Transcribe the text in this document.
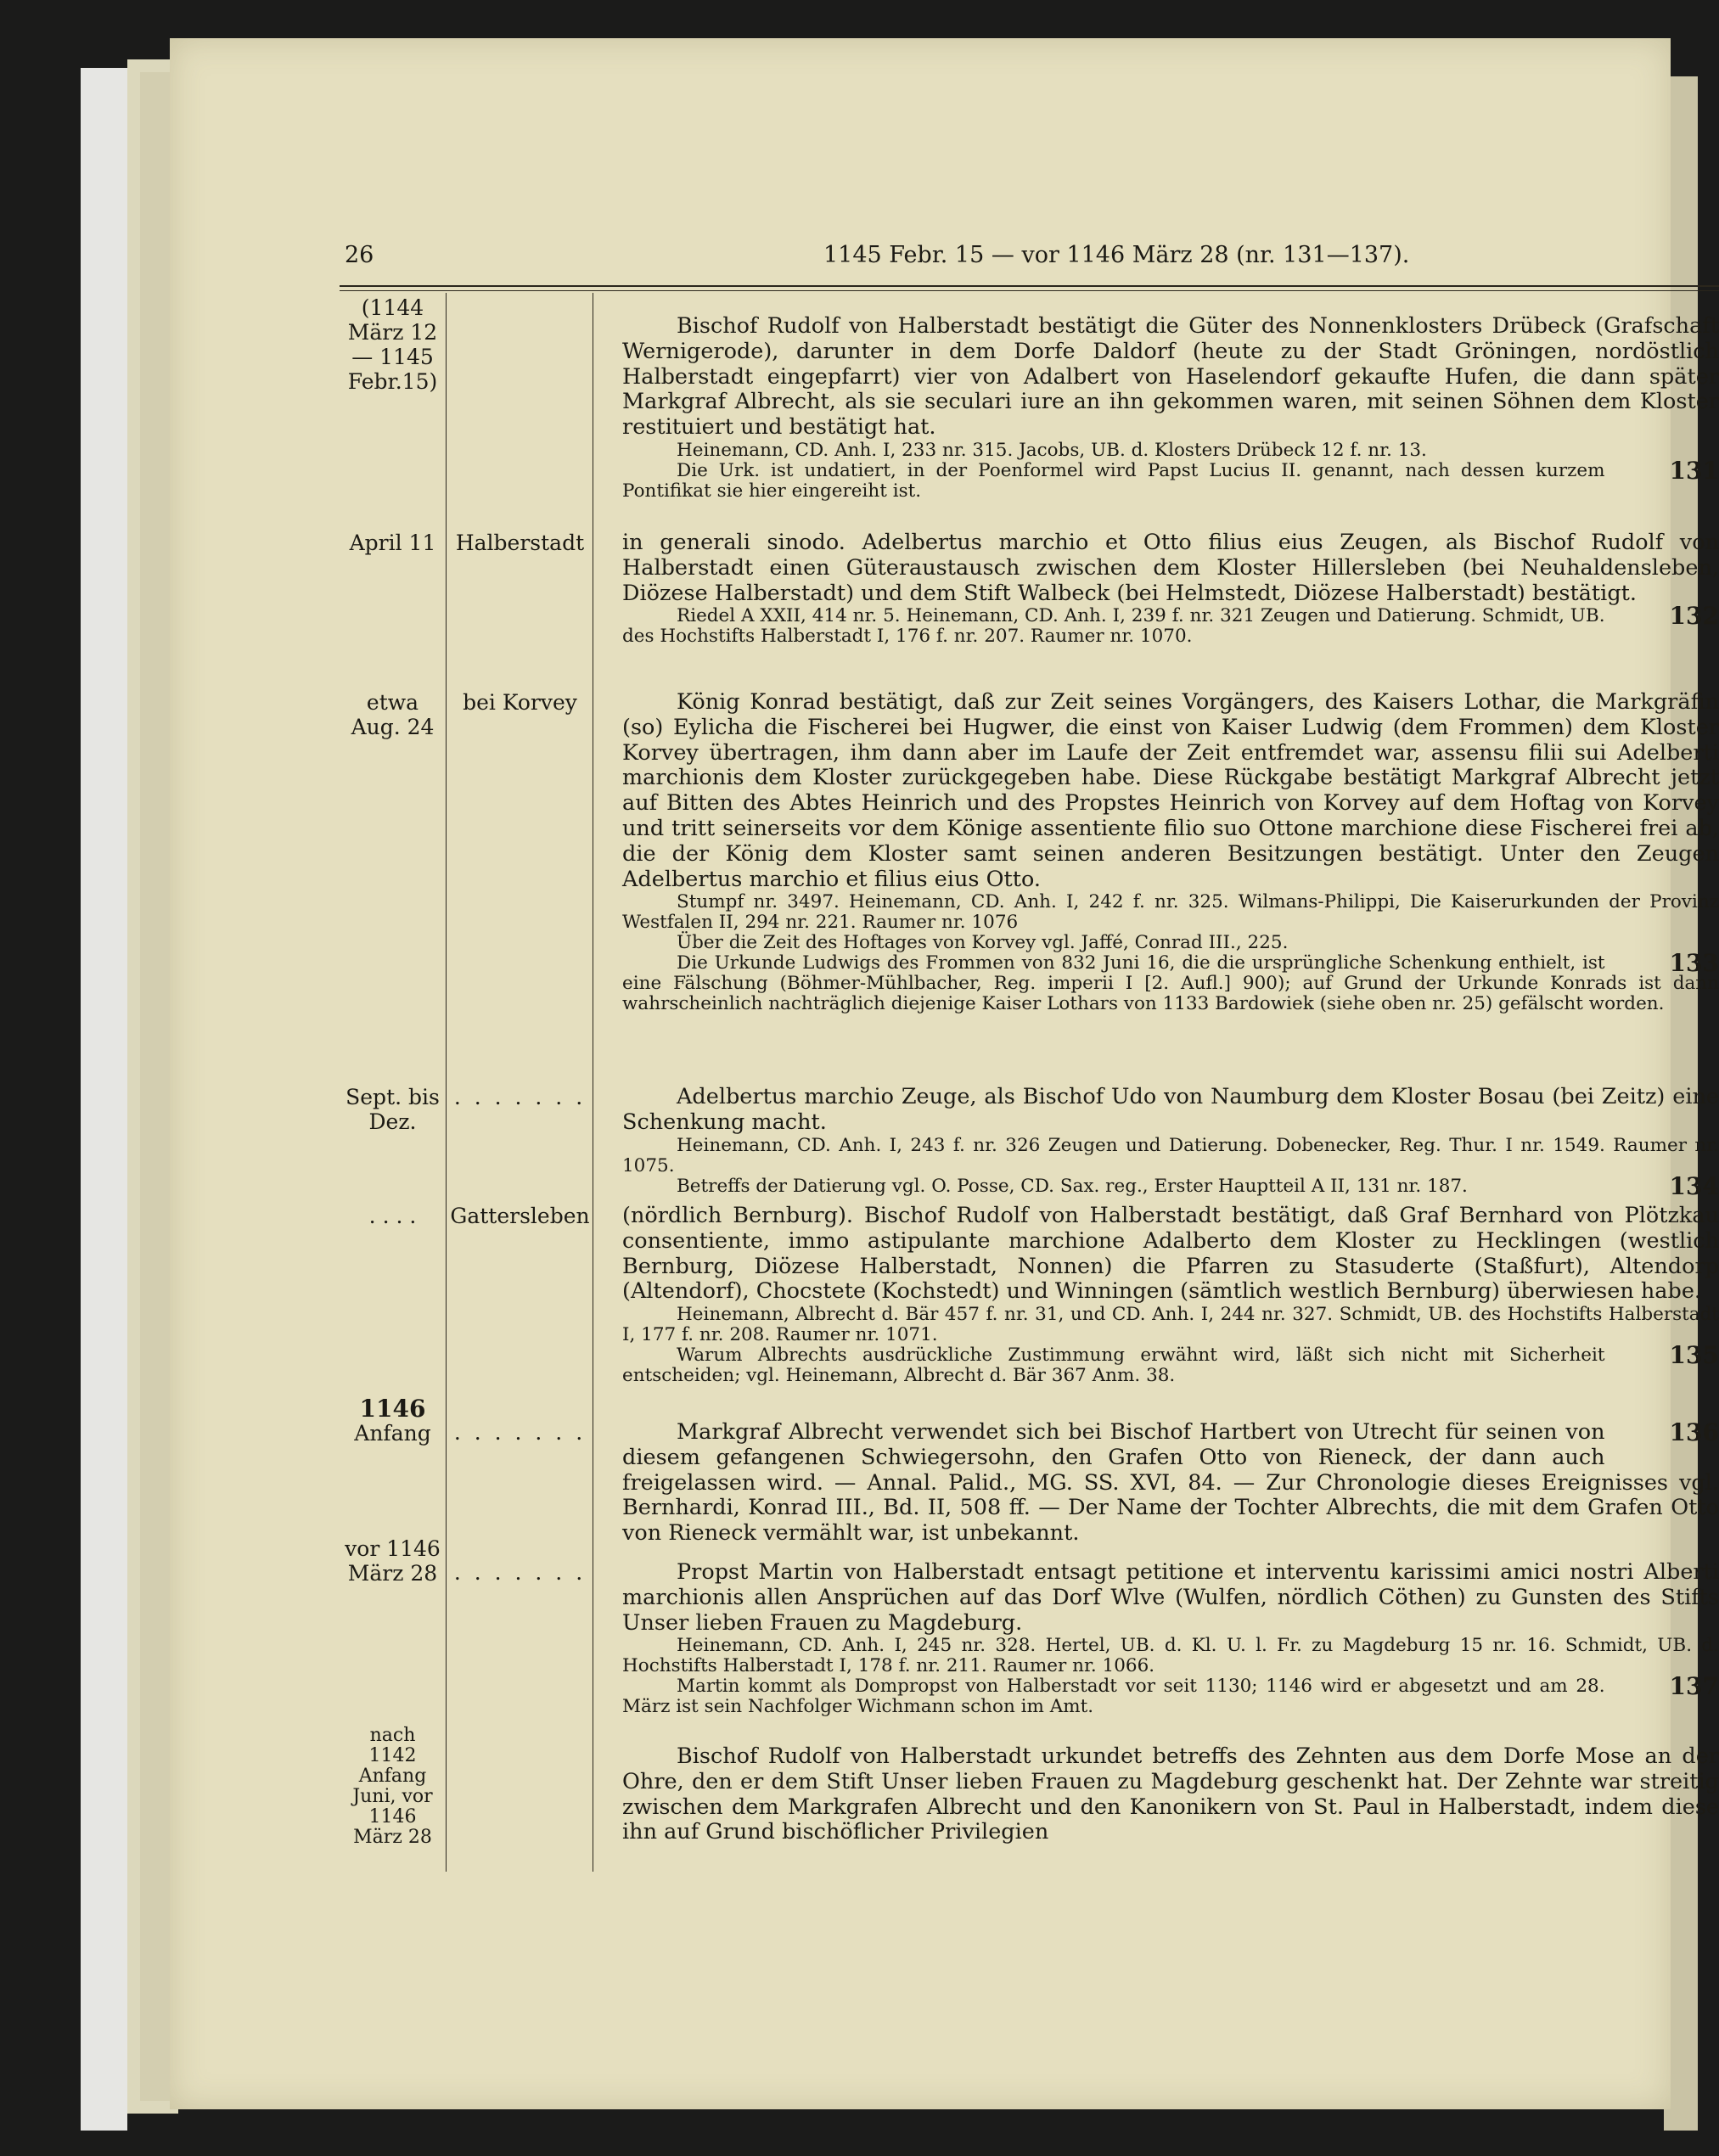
26	1145 Febr. 15 — vor 1146 März 28 (nr. 131—137).
(1144
März 12
— 1145
Febr.15)
April 11
etwa
Aug. 24
Sept. bis
Dez.
. . . .
1146
Anfang
vor 1146
März 28
nach 1142
Anfang
Juni, vor
1146
März 28
Halberstadt
bei Korvey
. . . . . . .
Gattersleben
. . . . . . .
. . . . . . .
Bischof Rudolf von Halberstadt bestätigt die Güter des Nonnenklosters Drübeck (Grafschaft Wernigerode), darunter in dem Dorfe Daldorf (heute zu der Stadt Gröningen, nordöstlich Halberstadt eingepfarrt) vier von Adalbert von Haselendorf gekaufte Hufen, die dann später Markgraf Albrecht, als sie seculari iure an ihn gekommen waren, mit seinen Söhnen dem Kloster restituiert und bestätigt hat.

Heinemann, CD. Anh. I, 233 nr. 315. Jacobs, UB. d. Klosters Drübeck 12 f. nr. 13.

131
Die Urk. ist undatiert, in der Poenformel wird Papst Lucius II. genannt, nach dessen kurzem Pontifikat sie hier eingereiht ist.

in generali sinodo. Adelbertus marchio et Otto filius eius Zeugen, als Bischof Rudolf von Halberstadt einen Güteraustausch zwischen dem Kloster Hillersleben (bei Neuhaldensleben, Diözese Halberstadt) und dem Stift Walbeck (bei Helmstedt, Diözese Halberstadt) bestätigt.

132
Riedel A XXII, 414 nr. 5. Heinemann, CD. Anh. I, 239 f. nr. 321 Zeugen und Datierung. Schmidt, UB. des Hochstifts Halberstadt I, 176 f. nr. 207. Raumer nr. 1070.

König Konrad bestätigt, daß zur Zeit seines Vorgängers, des Kaisers Lothar, die Markgräfin (so) Eylicha die Fischerei bei Hugwer, die einst von Kaiser Ludwig (dem Frommen) dem Kloster Korvey übertragen, ihm dann aber im Laufe der Zeit entfremdet war, assensu filii sui Adelberti marchionis dem Kloster zurückgegeben habe. Diese Rückgabe bestätigt Markgraf Albrecht jetzt auf Bitten des Abtes Heinrich und des Propstes Heinrich von Korvey auf dem Hoftag von Korvey und tritt seinerseits vor dem Könige assentiente filio suo Ottone marchione diese Fischerei frei ab, die der König dem Kloster samt seinen anderen Besitzungen bestätigt. Unter den Zeugen Adelbertus marchio et filius eius Otto.

Stumpf nr. 3497. Heinemann, CD. Anh. I, 242 f. nr. 325. Wilmans-Philippi, Die Kaiserurkunden der Provinz Westfalen II, 294 nr. 221. Raumer nr. 1076

Über die Zeit des Hoftages von Korvey vgl. Jaffé, Conrad III., 225.

133
Die Urkunde Ludwigs des Frommen von 832 Juni 16, die die ursprüngliche Schenkung enthielt, ist eine Fälschung (Böhmer-Mühlbacher, Reg. imperii I [2. Aufl.] 900); auf Grund der Urkunde Konrads ist dann wahrscheinlich nachträglich diejenige Kaiser Lothars von 1133 Bardowiek (siehe oben nr. 25) gefälscht worden.

Adelbertus marchio Zeuge, als Bischof Udo von Naumburg dem Kloster Bosau (bei Zeitz) eine Schenkung macht.

Heinemann, CD. Anh. I, 243 f. nr. 326 Zeugen und Datierung. Dobenecker, Reg. Thur. I nr. 1549. Raumer nr. 1075.

134
Betreffs der Datierung vgl. O. Posse, CD. Sax. reg., Erster Hauptteil A II, 131 nr. 187.

(nördlich Bernburg). Bischof Rudolf von Halberstadt bestätigt, daß Graf Bernhard von Plötzkau consentiente, immo astipulante marchione Adalberto dem Kloster zu Hecklingen (westlich Bernburg, Diözese Halberstadt, Nonnen) die Pfarren zu Stasuderte (Staßfurt), Altendorp (Altendorf), Chocstete (Kochstedt) und Winningen (sämtlich westlich Bernburg) überwiesen habe.

Heinemann, Albrecht d. Bär 457 f. nr. 31, und CD. Anh. I, 244 nr. 327. Schmidt, UB. des Hochstifts Halberstadt I, 177 f. nr. 208. Raumer nr. 1071.

135
Warum Albrechts ausdrückliche Zustimmung erwähnt wird, läßt sich nicht mit Sicherheit entscheiden; vgl. Heinemann, Albrecht d. Bär 367 Anm. 38.

136
Markgraf Albrecht verwendet sich bei Bischof Hartbert von Utrecht für seinen von diesem gefangenen Schwiegersohn, den Grafen Otto von Rieneck, der dann auch freigelassen wird. — Annal. Palid., MG. SS. XVI, 84. — Zur Chronologie dieses Ereignisses vgl. Bernhardi, Konrad III., Bd. II, 508 ff. — Der Name der Tochter Albrechts, die mit dem Grafen Otto von Rieneck vermählt war, ist unbekannt.
Propst Martin von Halberstadt entsagt petitione et interventu karissimi amici nostri Alberti marchionis allen Ansprüchen auf das Dorf Wlve (Wulfen, nördlich Cöthen) zu Gunsten des Stifts Unser lieben Frauen zu Magdeburg.

Heinemann, CD. Anh. I, 245 nr. 328. Hertel, UB. d. Kl. U. l. Fr. zu Magdeburg 15 nr. 16. Schmidt, UB. d. Hochstifts Halberstadt I, 178 f. nr. 211. Raumer nr. 1066.

137
Martin kommt als Dompropst von Halberstadt vor seit 1130; 1146 wird er abgesetzt und am 28. März ist sein Nachfolger Wichmann schon im Amt.

Bischof Rudolf von Halberstadt urkundet betreffs des Zehnten aus dem Dorfe Mose an der Ohre, den er dem Stift Unser lieben Frauen zu Magdeburg geschenkt hat. Der Zehnte war streitig zwischen dem Markgrafen Albrecht und den Kanonikern von St. Paul in Halberstadt, indem diese ihn auf Grund bischöflicher Privilegien
